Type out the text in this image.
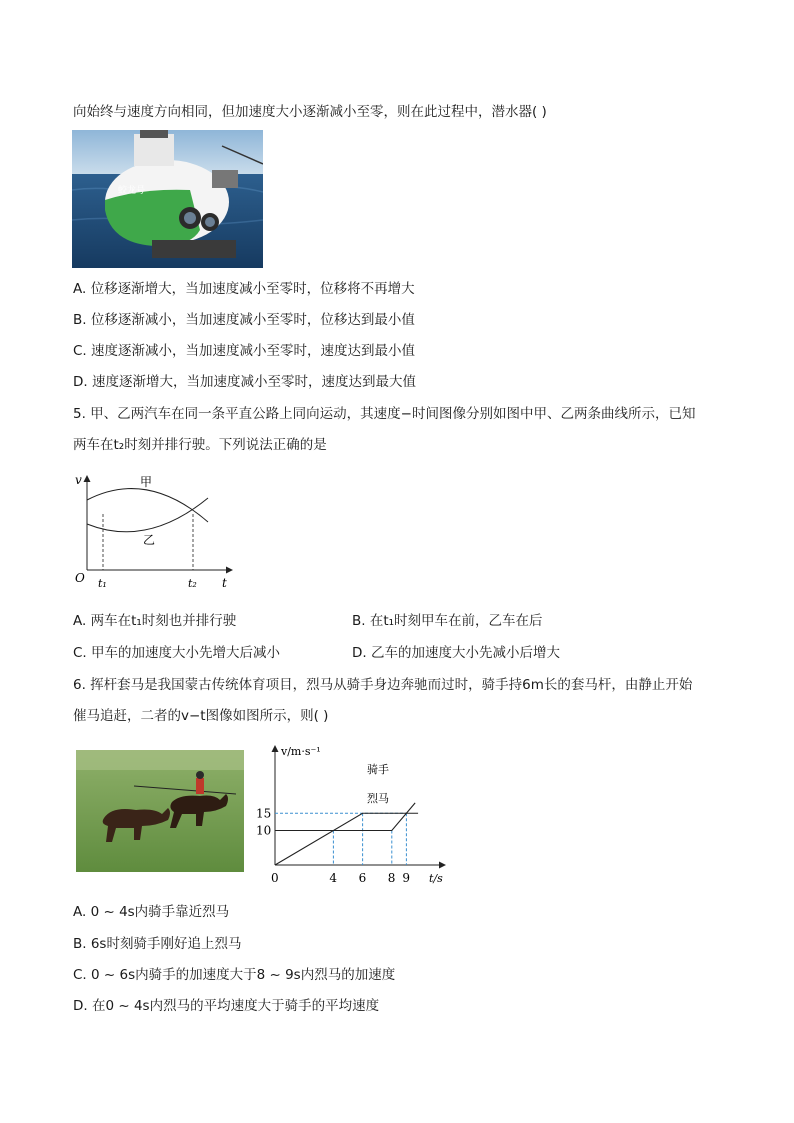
向始终与速度方向相同，但加速度大小逐渐减小至零，则在此过程中，潜水器( )
蛟龙号
A. 位移逐渐增大，当加速度减小至零时，位移将不再增大
B. 位移逐渐减小，当加速度减小至零时，位移达到最小值
C. 速度逐渐减小，当加速度减小至零时，速度达到最小值
D. 速度逐渐增大，当加速度减小至零时，速度达到最大值
5. 甲、乙两汽车在同一条平直公路上同向运动，其速度−时间图像分别如图中甲、乙两条曲线所示，已知
两车在t₂时刻并排行驶。下列说法正确的是
v
t
O
甲
乙
t₁	t₂
A. 两车在t₁时刻也并排行驶	B. 在t₁时刻甲车在前，乙车在后
C. 甲车的加速度大小先增大后减小	D. 乙车的加速度大小先减小后增大
6. 挥杆套马是我国蒙古传统体育项目，烈马从骑手身边奔驰而过时，骑手持6m长的套马杆，由静止开始
催马追赶，二者的v−t图像如图所示，则( )
0	4 6 8 9
10
15
v/m·s⁻¹
t/s
骑手
烈马
A. 0 ~ 4s内骑手靠近烈马
B. 6s时刻骑手刚好追上烈马
C. 0 ~ 6s内骑手的加速度大于8 ~ 9s内烈马的加速度
D. 在0 ~ 4s内烈马的平均速度大于骑手的平均速度
